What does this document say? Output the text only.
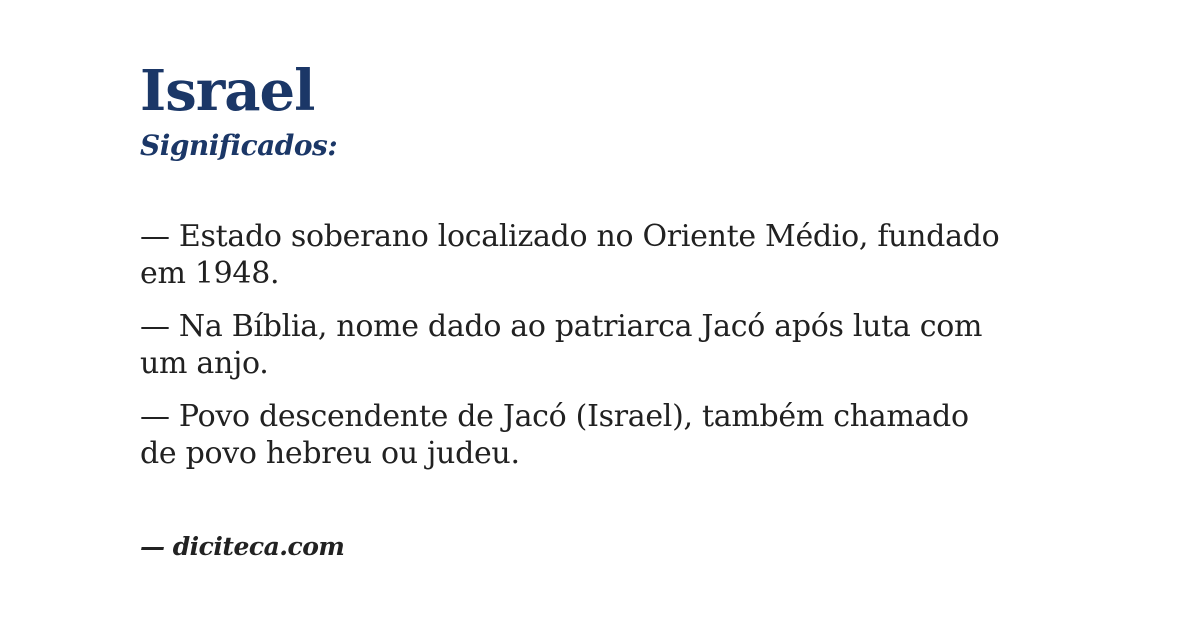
Israel
Significados:
— Estado soberano localizado no Oriente Médio, fundado
em 1948.
— Na Bíblia, nome dado ao patriarca Jacó após luta com
um anjo.
— Povo descendente de Jacó (Israel), também chamado
de povo hebreu ou judeu.
— diciteca.com
